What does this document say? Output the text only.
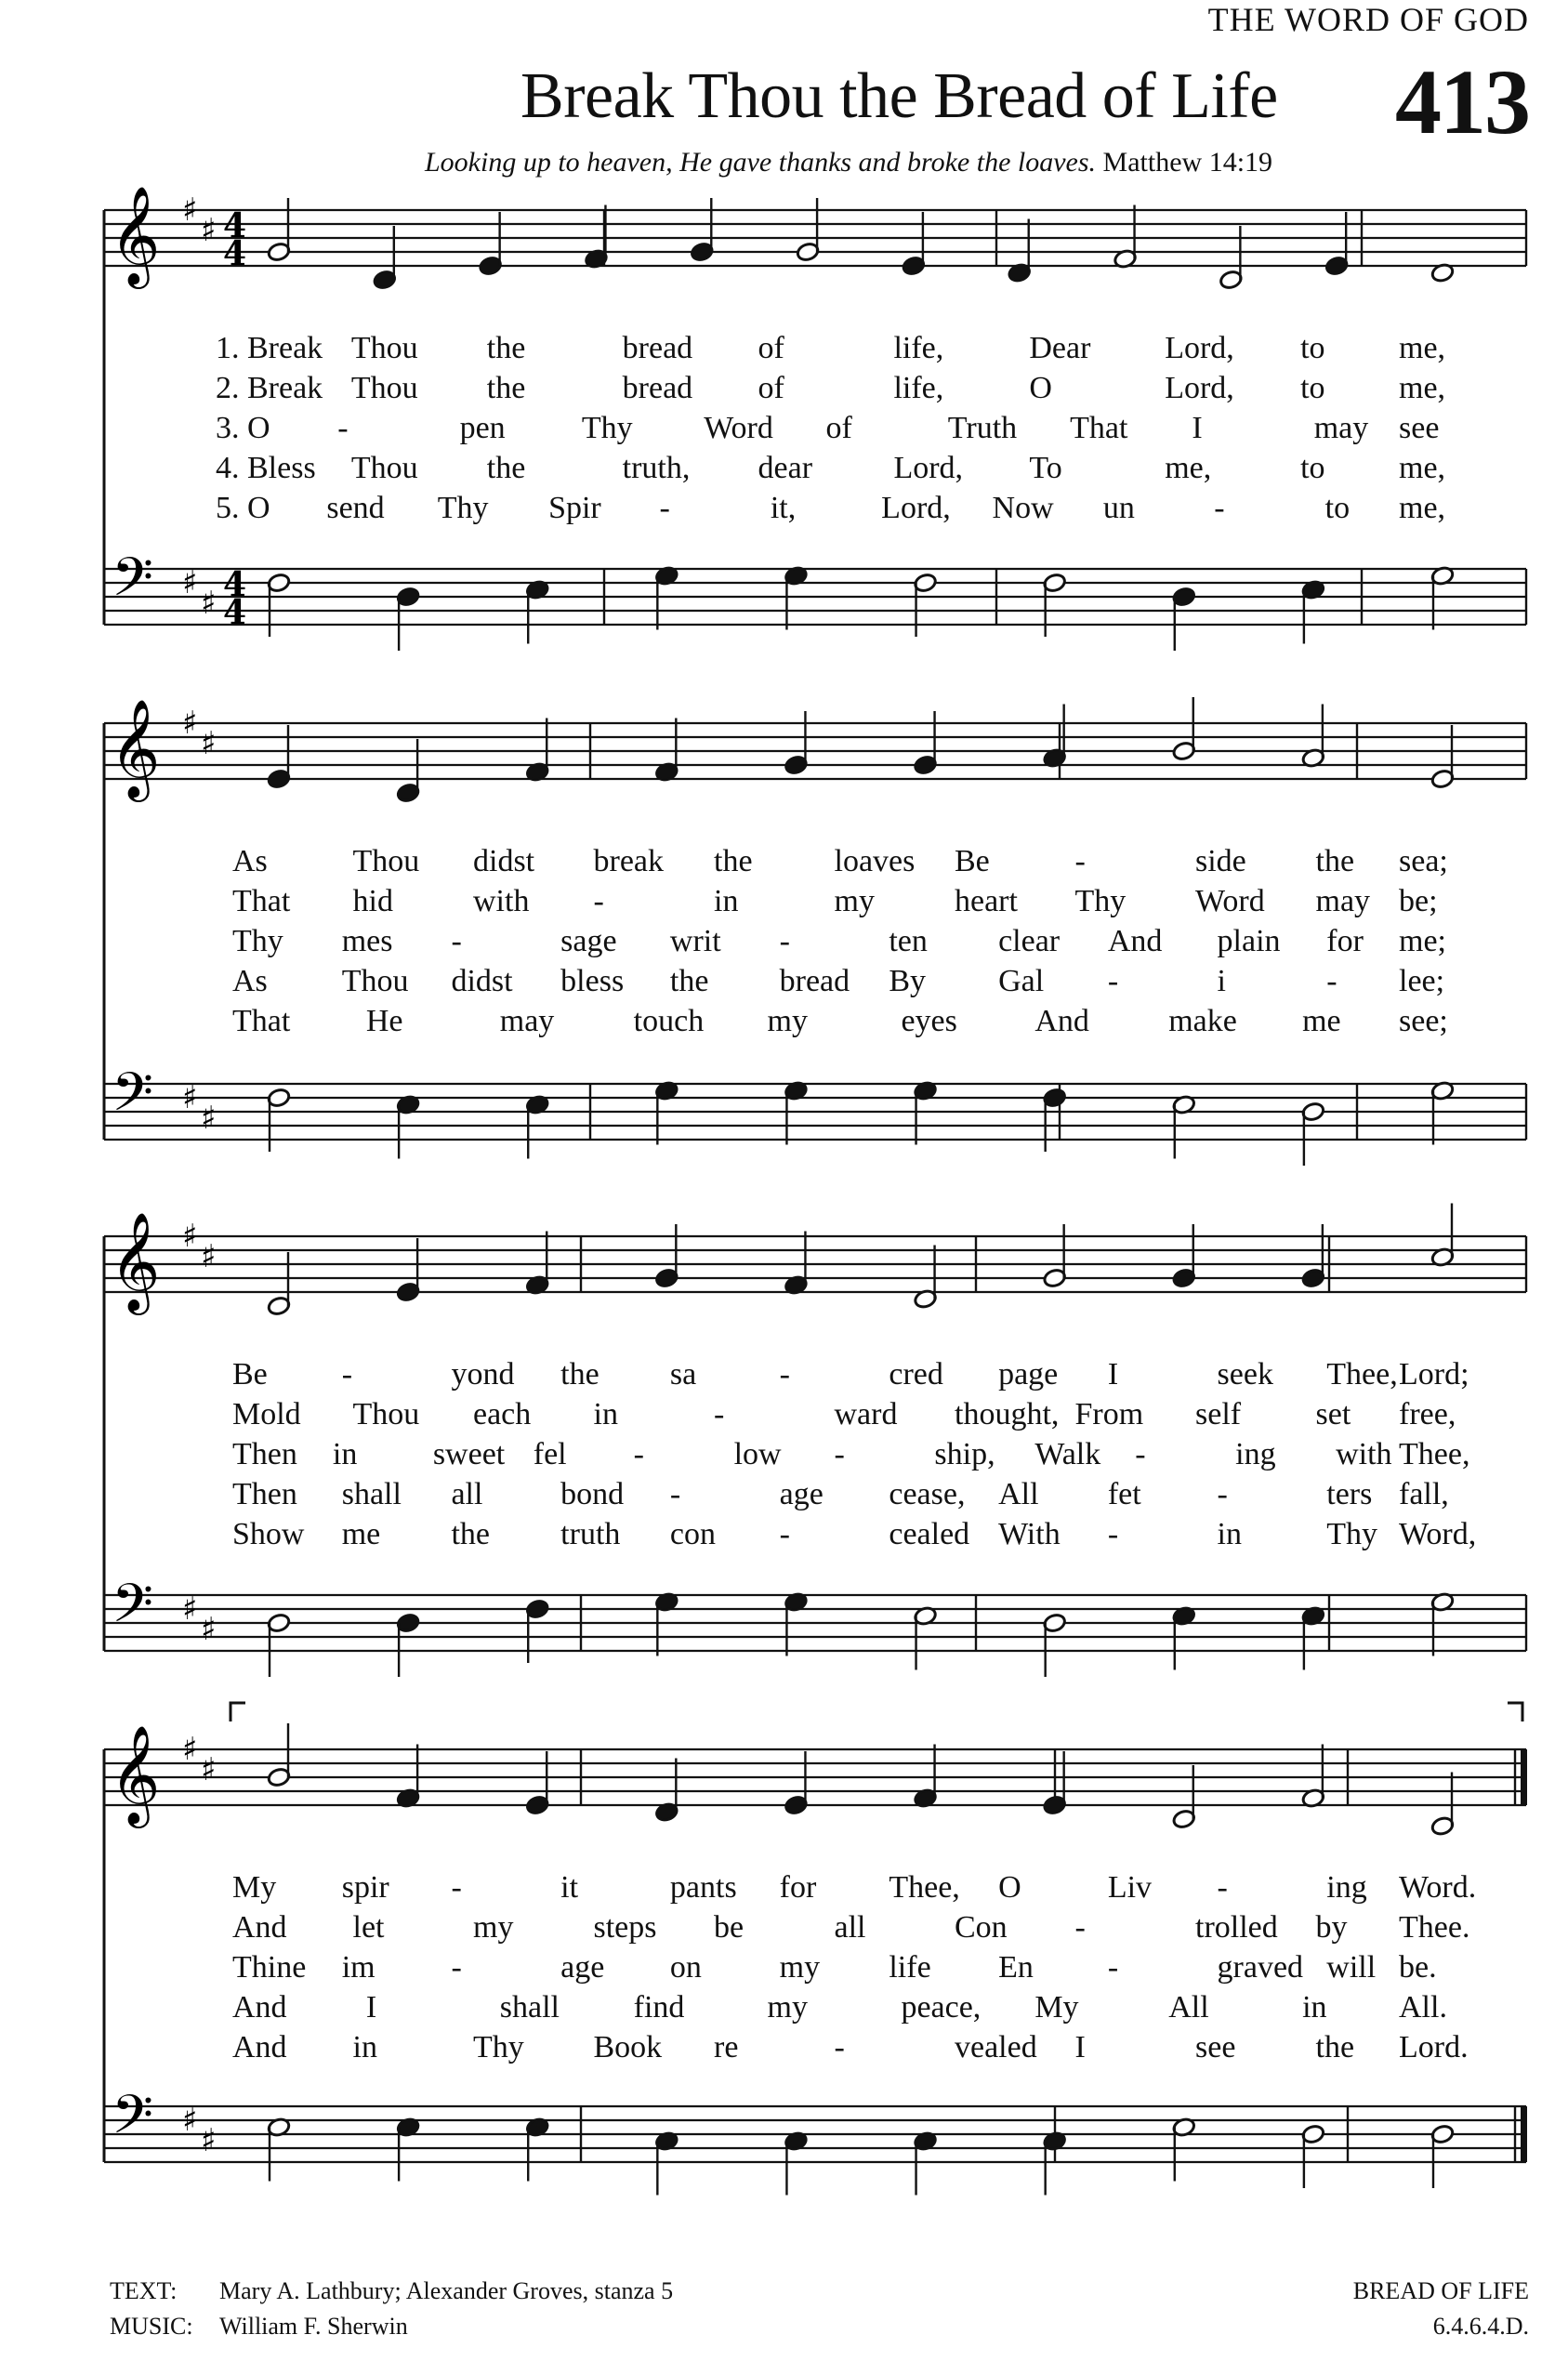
THE WORD OF GOD
Break Thou the Bread of Life 413
Looking up to heaven, He gave thanks and broke the loaves. Matthew 14:19
𝄞 ♯
♯ 4
4
𝄢 ♯
♯ 4
4
𝄞 ♯
♯
𝄢 ♯
♯
𝄞 ♯
♯
𝄢 ♯
♯
𝄞 ♯
♯
𝄢 ♯
♯
1. Break Thou the	bread of	life,	Dear Lord, to me,
2. Break Thou the	bread of	life,	O	Lord, to me,
3. O -	pen Thy Word of	Truth That I	may see
4. Bless Thou the	truth, dear	Lord, To	me,	to me,
5. O send Thy Spir -	it,	Lord, Now un	-	to me,
As	Thou didst break the	loaves Be	-	side the sea;
That hid	with -	in	my	heart Thy Word may be;
Thy mes -	sage writ -	ten clear And plain for me;
As Thou didst bless the bread By Gal -	i	- lee;
That He	may	touch my	eyes And	make me see;
Be -	yond the sa	-	cred page I	seek Thee, Lord;
Mold Thou each in	-	ward thought, From self set free,
Then in sweet fel -	low -	ship, Walk -	ing with Thee,
Then shall all bond -	age cease, All fet -	ters fall,
Show me the truth con -	cealed With -	in	Thy Word,
My spir -	it	pants for Thee, O	Liv -	ing Word.
And let	my	steps be	all	Con -	trolled by Thee.
Thine im -	age on my life En -	graved will be.
And	I	shall find	my	peace, My	All	in All.
And in	Thy Book re	-	vealed I	see	the Lord.
TEXT: Mary A. Lathbury; Alexander Groves, stanza 5
MUSIC: William F. Sherwin
BREAD OF LIFE
6.4.6.4.D.
